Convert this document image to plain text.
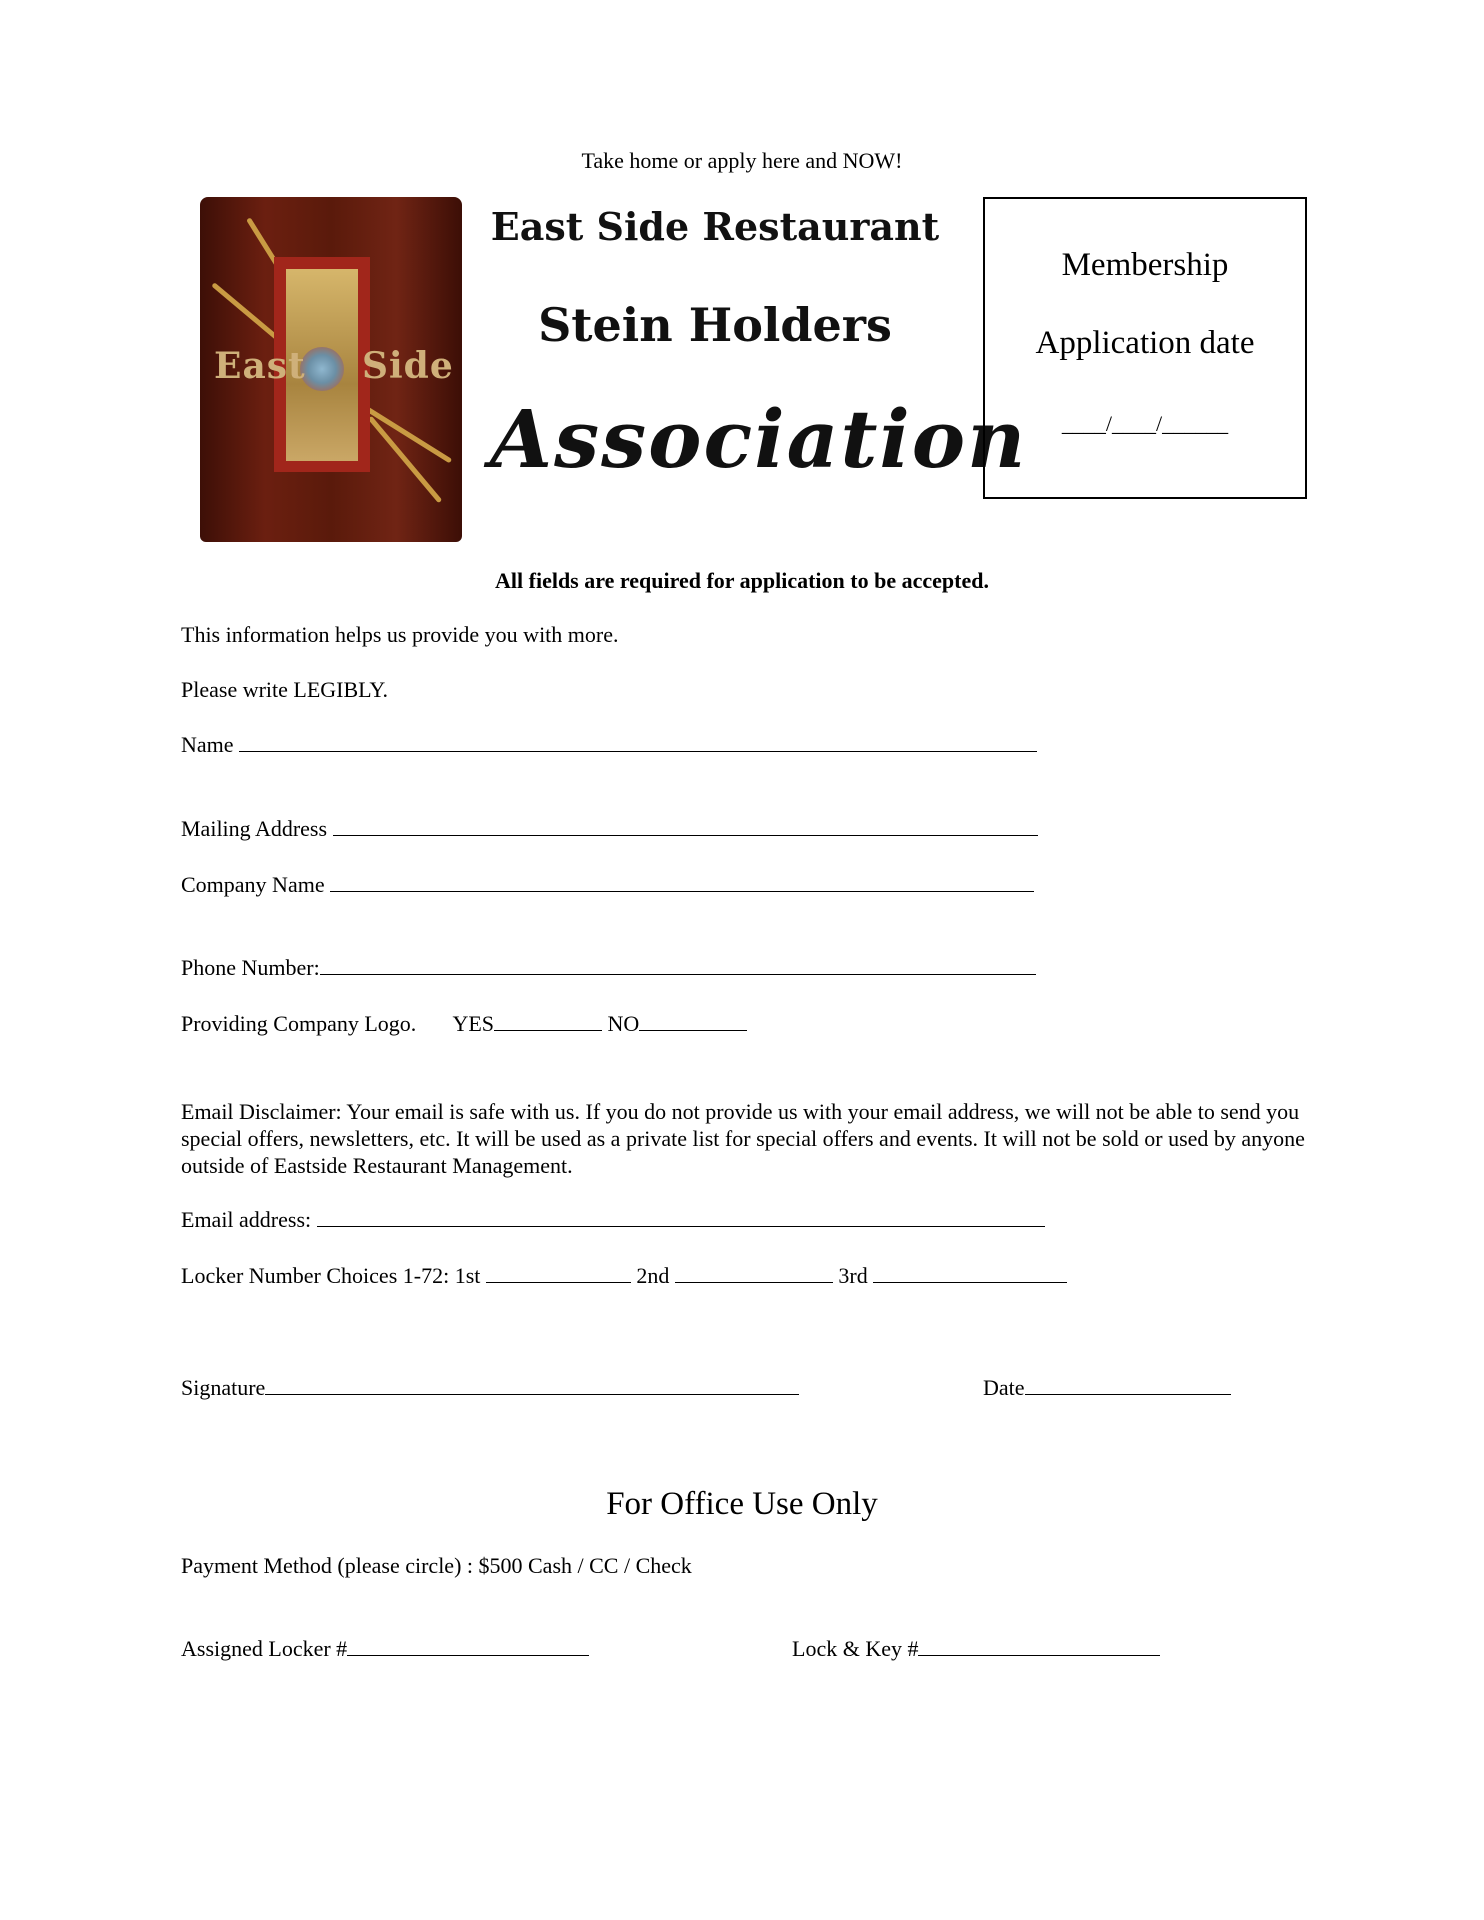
Take home or apply here and NOW!
East Side
East Side Restaurant
Stein Holders
Association
Membership
Application date
____/____/______
All fields are required for application to be accepted.
This information helps us provide you with more.
Please write LEGIBLY.
Name
Mailing Address
Company Name
Phone Number:
Providing Company Logo. YES	NO
Email Disclaimer: Your email is safe with us. If you do not provide us with your email address, we will not be able to send you special offers, newsletters, etc. It will be used as a private list for special offers and events. It will not be sold or used by anyone outside of Eastside Restaurant Management.
Email address:
Locker Number Choices 1-72: 1st	2nd	3rd
Signature	Date
For Office Use Only
Payment Method (please circle) : $500 Cash / CC / Check
Assigned Locker #	Lock & Key #
